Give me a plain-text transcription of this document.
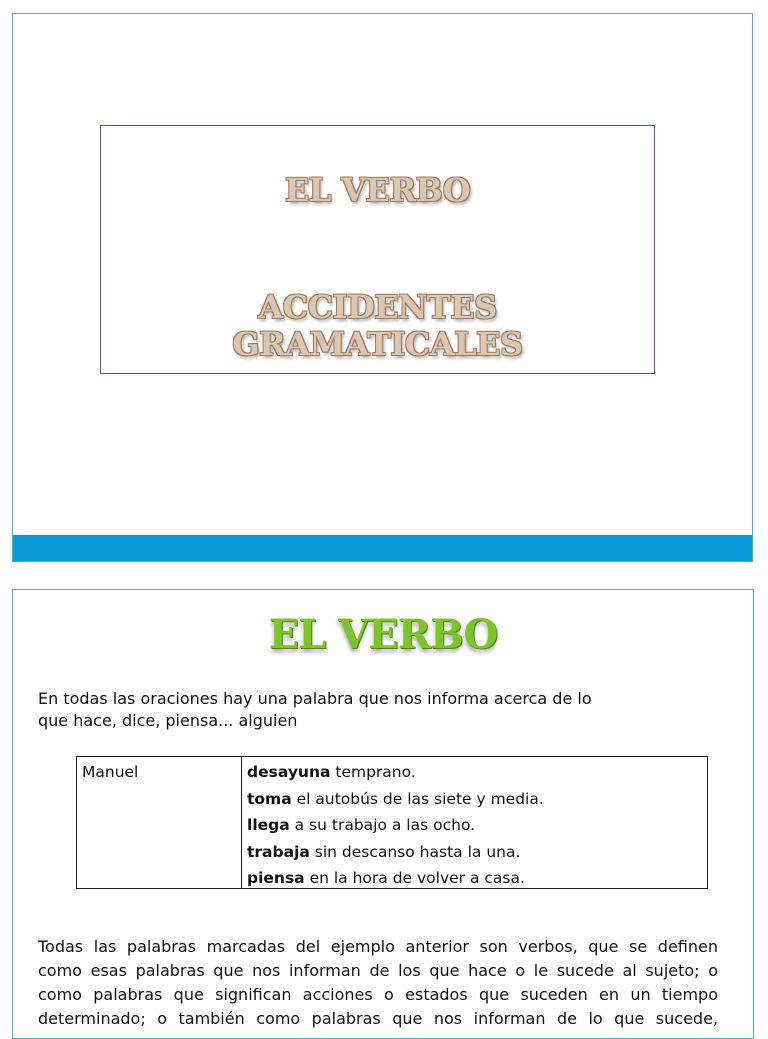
EL VERBO
ACCIDENTES
GRAMATICALES
EL VERBO
En todas las oraciones hay una palabra que nos informa acerca de lo
que hace, dice, piensa... alguien
Manuel	desayuna temprano.
toma el autobús de las siete y media.
llega a su trabajo a las ocho.
trabaja sin descanso hasta la una.
piensa en la hora de volver a casa.
Todas las palabras marcadas del ejemplo anterior son verbos, que se definen
como esas palabras que nos informan de los que hace o le sucede al sujeto; o
como palabras que significan acciones o estados que suceden en un tiempo
determinado; o también como palabras que nos informan de lo que sucede,
